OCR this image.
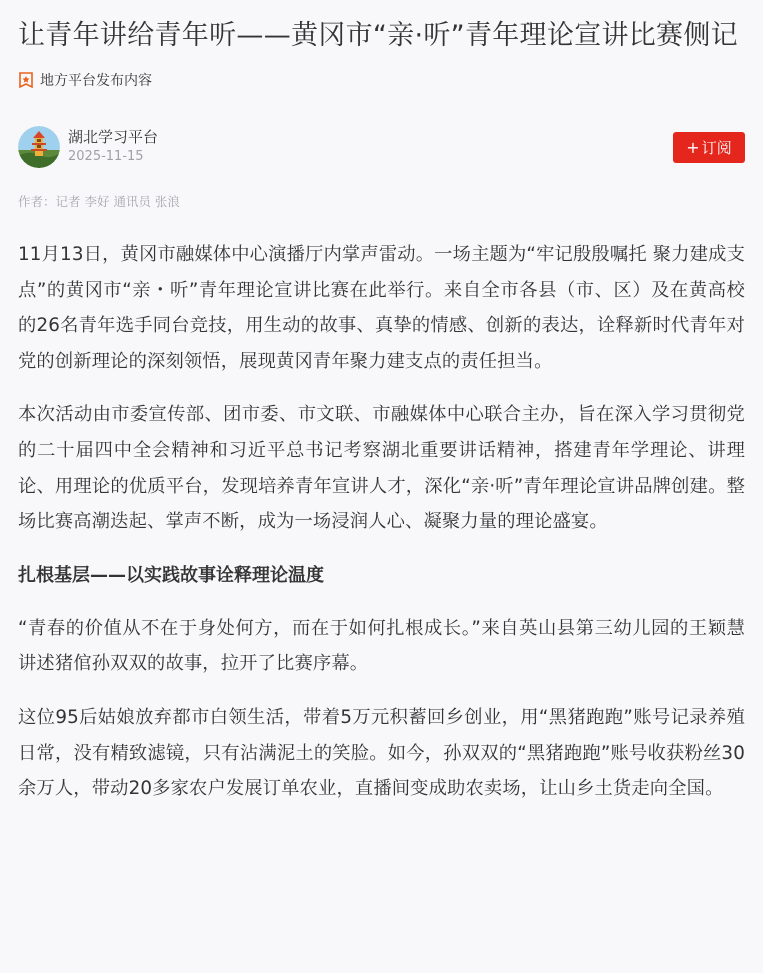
让青年讲给青年听——黄冈市“亲·听”青年理论宣讲比赛侧记
地方平台发布内容
湖北学习平台
2025-11-15	+ 订阅
作者：记者 李好 通讯员 张浪

11月13日，黄冈市融媒体中心演播厅内掌声雷动。一场主题为“牢记殷殷嘱托 聚力建成支点”的黄冈市“亲・听”青年理论宣讲比赛在此举行。来自全市各县（市、区）及在黄高校的26名青年选手同台竞技，用生动的故事、真挚的情感、创新的表达，诠释新时代青年对党的创新理论的深刻领悟，展现黄冈青年聚力建支点的责任担当。

本次活动由市委宣传部、团市委、市文联、市融媒体中心联合主办，旨在深入学习贯彻党的二十届四中全会精神和习近平总书记考察湖北重要讲话精神，搭建青年学理论、讲理论、用理论的优质平台，发现培养青年宣讲人才，深化“亲·听”青年理论宣讲品牌创建。整场比赛高潮迭起、掌声不断，成为一场浸润人心、凝聚力量的理论盛宴。

扎根基层——以实践故事诠释理论温度

“青春的价值从不在于身处何方，而在于如何扎根成长。”来自英山县第三幼儿园的王颖慧讲述猪倌孙双双的故事，拉开了比赛序幕。

这位95后姑娘放弃都市白领生活，带着5万元积蓄回乡创业，用“黑猪跑跑”账号记录养殖日常，没有精致滤镜，只有沾满泥土的笑脸。如今，孙双双的“黑猪跑跑”账号收获粉丝30余万人，带动20多家农户发展订单农业，直播间变成助农卖场，让山乡土货走向全国。
